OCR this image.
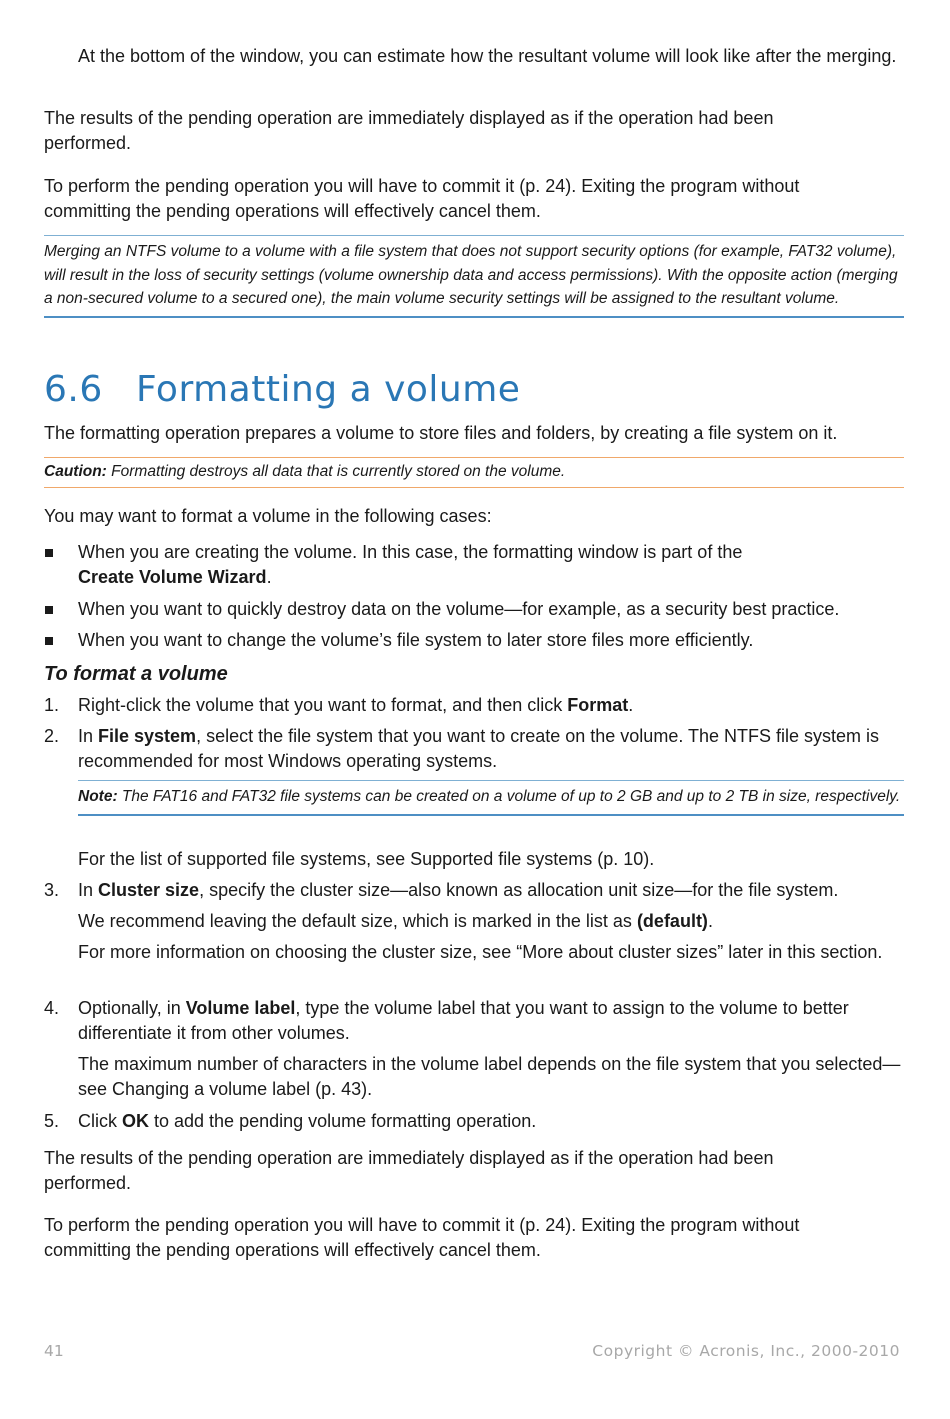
At the bottom of the window, you can estimate how the resultant volume will look like after the merging.

The results of the pending operation are immediately displayed as if the operation had been performed.

To perform the pending operation you will have to commit it (p. 24). Exiting the program without committing the pending operations will effectively cancel them.

Merging an NTFS volume to a volume with a file system that does not support security options (for example, FAT32 volume), will result in the loss of security settings (volume ownership data and access permissions). With the opposite action (merging a non-secured volume to a secured one), the main volume security settings will be assigned to the resultant volume.
6.6 Formatting a volume

The formatting operation prepares a volume to store files and folders, by creating a file system on it.

Caution: Formatting destroys all data that is currently stored on the volume.

You may want to format a volume in the following cases:

When you are creating the volume. In this case, the formatting window is part of the
Create Volume Wizard.
When you want to quickly destroy data on the volume—for example, as a security best practice.
When you want to change the volume’s file system to later store files more efficiently.
To format a volume
1. Right-click the volume that you want to format, and then click Format.
2. In File system, select the file system that you want to create on the volume. The NTFS file system is recommended for most Windows operating systems.
Note: The FAT16 and FAT32 file systems can be created on a volume of up to 2 GB and up to 2 TB in size, respectively.

For the list of supported file systems, see Supported file systems (p. 10).

3. In Cluster size, specify the cluster size—also known as allocation unit size—for the file system.

We recommend leaving the default size, which is marked in the list as (default).

For more information on choosing the cluster size, see “More about cluster sizes” later in this section.

4. Optionally, in Volume label, type the volume label that you want to assign to the volume to better differentiate it from other volumes.

The maximum number of characters in the volume label depends on the file system that you selected—see Changing a volume label (p. 43).

5. Click OK to add the pending volume formatting operation.

The results of the pending operation are immediately displayed as if the operation had been performed.

To perform the pending operation you will have to commit it (p. 24). Exiting the program without committing the pending operations will effectively cancel them.

41	Copyright © Acronis, Inc., 2000-2010
